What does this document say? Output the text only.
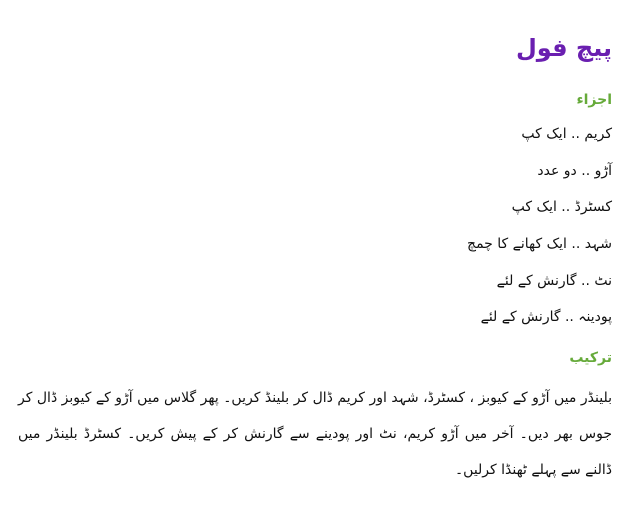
پیچ فول
اجزاء
کریم .. ایک کپ
آڑو .. دو عدد
کسٹرڈ .. ایک کپ
شہد .. ایک کھانے کا چمچ
نٹ .. گارنش کے لئے
پودینہ .. گارنش کے لئے
ترکیب

بلینڈر میں آڑو کے کیوبز ، کسٹرڈ، شہد اور کریم ڈال کر بلینڈ کریں۔ پھر گلاس میں آڑو کے کیوبز ڈال کر جوس بھر دیں۔ آخر میں آڑو کریم، نٹ اور پودینے سے گارنش کر کے پیش کریں۔ کسٹرڈ بلینڈر میں ڈالنے سے پہلے ٹھنڈا کرلیں۔
